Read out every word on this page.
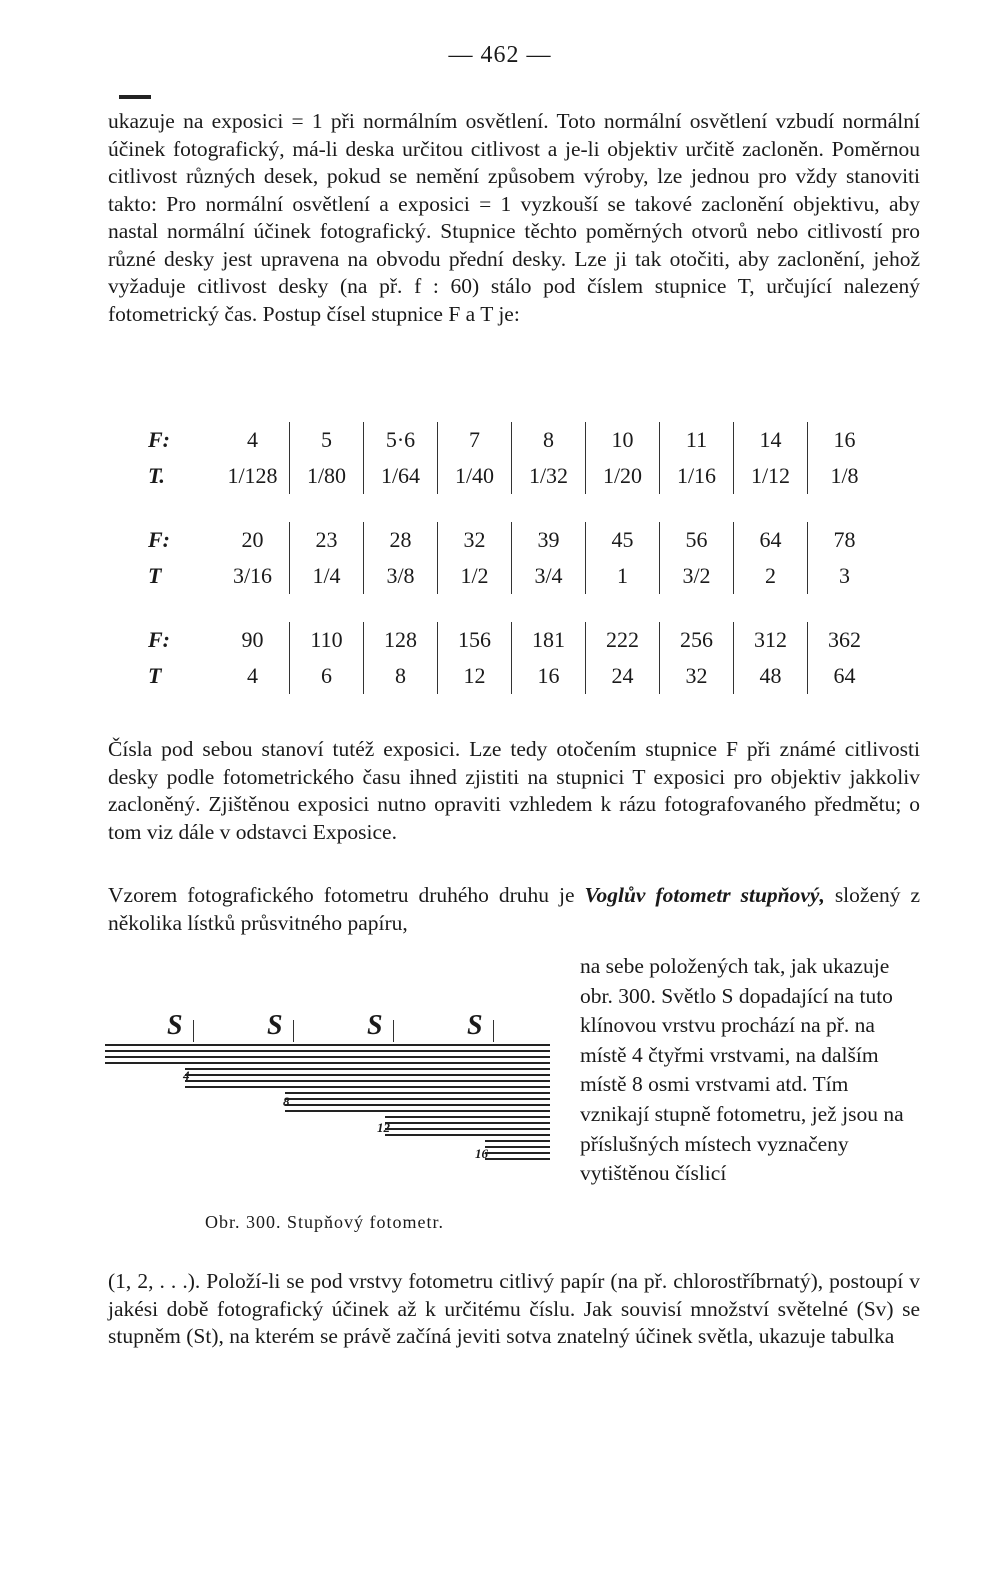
— 462 —

ukazuje na exposici = 1 při normálním osvětlení. Toto normální osvětlení vzbudí normální účinek fotografický, má-li deska určitou citlivost a je-li objektiv určitě zacloněn. Poměrnou citlivost různých desek, pokud se nemění způsobem výroby, lze jednou pro vždy stanoviti takto: Pro normální osvětlení a exposici = 1 vyzkouší se takové zaclonění objektivu, aby nastal normální účinek fotografický. Stupnice těchto poměrných otvorů nebo citlivostí pro různé desky jest upravena na obvodu přední desky. Lze ji tak otočiti, aby zaclonění, jehož vyžaduje citlivost desky (na př. f : 60) stálo pod číslem stupnice T, určující nalezený fotometrický čas. Postup čísel stupnice F a T je:

F:	4	5	5·6	7	8	10	11	14	16
T.	1/128	1/80	1/64	1/40	1/32	1/20	1/16	1/12	1/8
F:	20	23	28	32	39	45	56	64	78
T	3/16	1/4	3/8	1/2	3/4	1	3/2	2	3
F:	90	110	128	156	181	222	256	312	362
T	4	6	8	12	16	24	32	48	64

Čísla pod sebou stanoví tutéž exposici. Lze tedy otočením stupnice F při známé citlivosti desky podle fotometrického času ihned zjistiti na stupnici T exposici pro objektiv jakkoliv zacloněný. Zjištěnou exposici nutno opraviti vzhledem k rázu fotografovaného předmětu; o tom viz dále v odstavci Exposice.

Vzorem fotografického fotometru druhého druhu je Voglův fotometr stupňový, složený z několika lístků průsvitného papíru,

na sebe položených tak, jak ukazuje obr. 300. Světlo S dopadající na tuto klínovou vrstvu prochází na př. na místě 4 čtyřmi vrstvami, na dalším místě 8 osmi vrstvami atd. Tím vznikají stupně fotometru, jež jsou na příslušných místech vyznačeny vytištěnou číslicí
S	S	S	S
4
8
12
16
Obr. 300. Stupňový fotometr.

(1, 2, . . .). Položí-li se pod vrstvy fotometru citlivý papír (na př. chlorostříbrnatý), postoupí v jakési době fotografický účinek až k určitému číslu. Jak souvisí množství světelné (Sv) se stupněm (St), na kterém se právě začíná jeviti sotva znatelný účinek světla, ukazuje tabulka
